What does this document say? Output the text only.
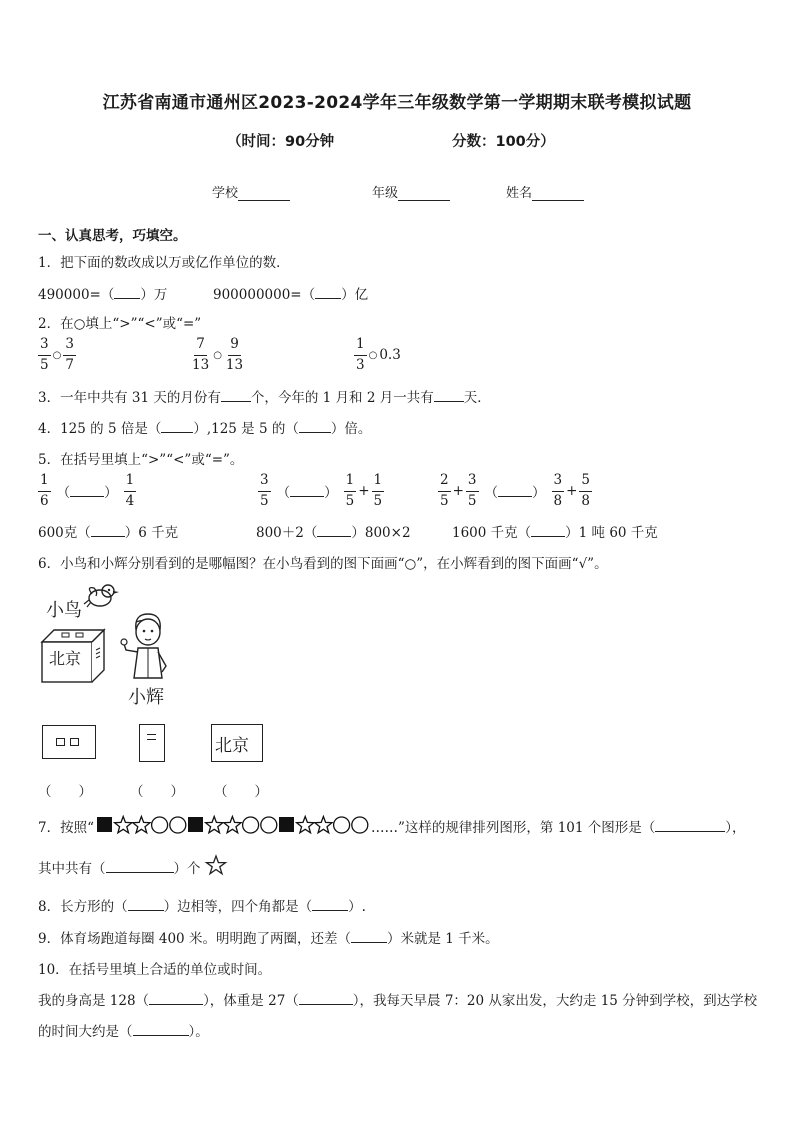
江苏省南通市通州区2023-2024学年三年级数学第一学期期末联考模拟试题
（时间：90分钟	分数：100分）
学校	年级	姓名
一、认真思考，巧填空。
1．把下面的数改成以万或亿作单位的数．
490000=（ ）万	900000000=（ ）亿
2．在○填上“>”“<”或“=”
$\frac{3}{5}$ ○ $\frac{3}{7}$	$\frac{7}{13}$ ○ $\frac{9}{13}$	$\frac{1}{3}$ ○ 0.3
3．一年中共有 31 天的月份有 个，今年的 1 月和 2 月一共有 天．
4．125 的 5 倍是（ ）,125 是 5 的（ ）倍。
5．在括号里填上“>”“<”或“=”。
$\frac{1}{6}$ （	） $\frac{1}{4}$	$\frac{3}{5}$ （	） $\frac{1}{5} + \frac{1}{5}$	$\frac{2}{5} + \frac{3}{5}$ （	） $\frac{3}{8} + \frac{5}{8}$
600克（	）6 千克	800＋2（	）800×2	1600 千克（	）1 吨 60 千克
6．小鸟和小辉分别看到的是哪幅图？在小鸟看到的图下面画“○”，在小辉看到的图下面画“√”。
小鸟
北京
小辉
北京
（　　）	（　　） （　　）
7．按照“	……”这样的规律排列图形，第 101 个图形是（	），
其中共有（	）个
8．长方形的（	）边相等，四个角都是（	）.
9．体育场跑道每圈 400 米。明明跑了两圈，还差（	）米就是 1 千米。
10．在括号里填上合适的单位或时间。
我的身高是 128（	），体重是 27（	），我每天早晨 7：20 从家出发，大约走 15 分钟到学校，到达学校
的时间大约是（	）。
